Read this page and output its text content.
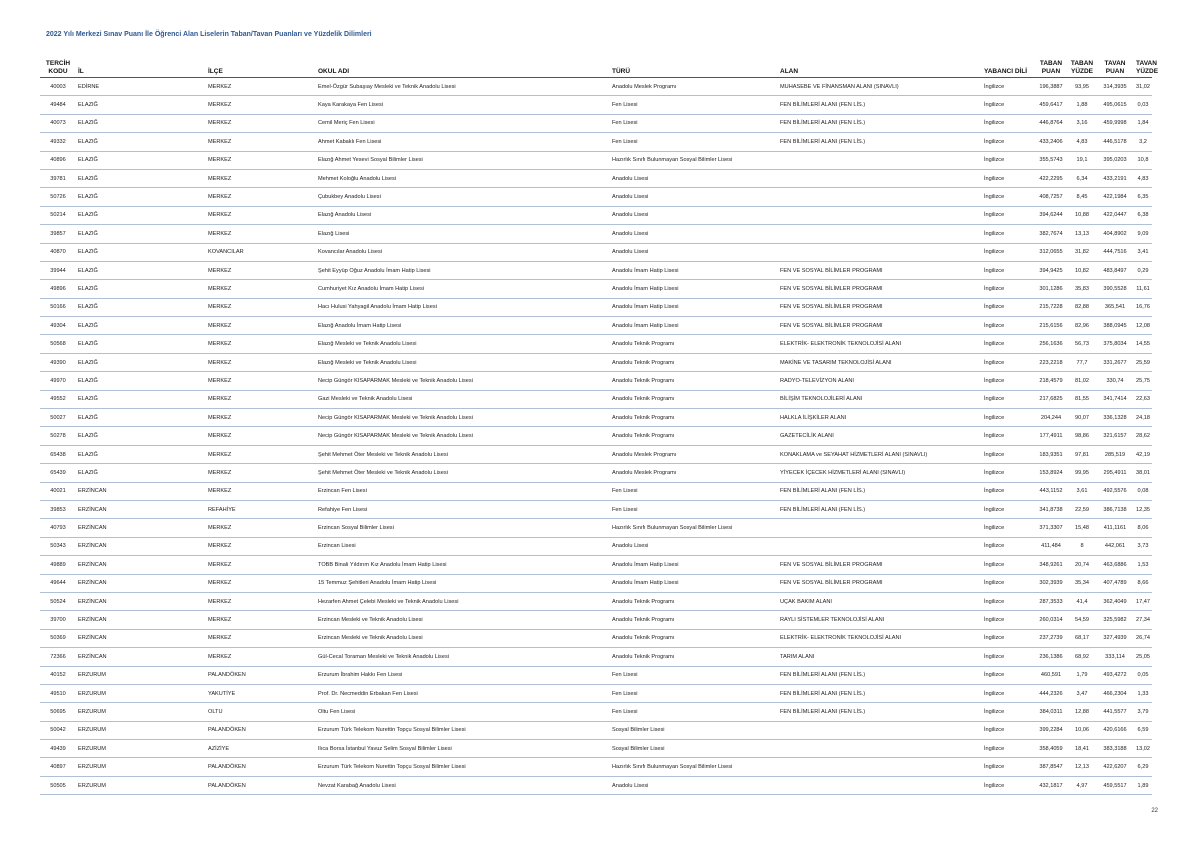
2022 Yılı Merkezi Sınav Puanı İle Öğrenci Alan Liselerin Taban/Tavan Puanları ve Yüzdelik Dilimleri
TERCİH KODU	İL	İLÇE	OKUL ADI	TÜRÜ	ALAN	YABANCI DİLİ	TABAN PUAN	TABAN YÜZDE	TAVAN PUAN	TAVAN YÜZDE
40003	EDİRNE	MERKEZ	Emel-Özgür Subaşıay Mesleki ve Teknik Anadolu Lisesi	Anadolu Meslek Programı	MUHASEBE VE FİNANSMAN ALANI (SINAVLI)	İngilizce	196,3887	93,95	314,3935	31,02
49484	ELAZIĞ	MERKEZ	Kaya Karakaya Fen Lisesi	Fen Lisesi	FEN BİLİMLERİ ALANI (FEN LİS.)	İngilizce	459,6417	1,88	495,0615	0,03
40073	ELAZIĞ	MERKEZ	Cemil Meriç Fen Lisesi	Fen Lisesi	FEN BİLİMLERİ ALANI (FEN LİS.)	İngilizce	446,8764	3,16	459,9998	1,84
49332	ELAZIĞ	MERKEZ	Ahmet Kabaklı Fen Lisesi	Fen Lisesi	FEN BİLİMLERİ ALANI (FEN LİS.)	İngilizce	433,2406	4,83	446,5178	3,2
40896	ELAZIĞ	MERKEZ	Elazığ Ahmet Yesevi Sosyal Bilimler Lisesi	Hazırlık Sınıfı Bulunmayan Sosyal Bilimler Lisesi		İngilizce	355,5743	19,1	395,0203	10,8
39781	ELAZIĞ	MERKEZ	Mehmet Koloğlu Anadolu Lisesi	Anadolu Lisesi		İngilizce	422,2295	6,34	433,2191	4,83
50726	ELAZIĞ	MERKEZ	Çubukbey Anadolu Lisesi	Anadolu Lisesi		İngilizce	408,7257	8,45	422,1984	6,35
50214	ELAZIĞ	MERKEZ	Elazığ Anadolu Lisesi	Anadolu Lisesi		İngilizce	394,6244	10,88	422,0447	6,38
39857	ELAZIĞ	MERKEZ	Elazığ Lisesi	Anadolu Lisesi		İngilizce	382,7674	13,13	404,8902	9,09
40870	ELAZIĞ	KOVANCILAR	Kovancılar Anadolu Lisesi	Anadolu Lisesi		İngilizce	312,0655	31,82	444,7516	3,41
39944	ELAZIĞ	MERKEZ	Şehit Eyyüp Oğuz Anadolu İmam Hatip Lisesi	Anadolu İmam Hatip Lisesi	FEN VE SOSYAL BİLİMLER PROGRAMI	İngilizce	394,9425	10,82	483,8497	0,29
49896	ELAZIĞ	MERKEZ	Cumhuriyet Kız Anadolu İmam Hatip Lisesi	Anadolu İmam Hatip Lisesi	FEN VE SOSYAL BİLİMLER PROGRAMI	İngilizce	301,1286	35,83	390,5528	11,61
50166	ELAZIĞ	MERKEZ	Hacı Hulusi Yahyagil Anadolu İmam Hatip Lisesi	Anadolu İmam Hatip Lisesi	FEN VE SOSYAL BİLİMLER PROGRAMI	İngilizce	215,7228	82,88	365,541	16,76
49304	ELAZIĞ	MERKEZ	Elazığ Anadolu İmam Hatip Lisesi	Anadolu İmam Hatip Lisesi	FEN VE SOSYAL BİLİMLER PROGRAMI	İngilizce	215,6156	82,96	388,0945	12,08
50568	ELAZIĞ	MERKEZ	Elazığ Mesleki ve Teknik Anadolu Lisesi	Anadolu Teknik Programı	ELEKTRİK- ELEKTRONİK TEKNOLOJİSİ ALANI	İngilizce	256,1636	56,73	375,8034	14,55
49390	ELAZIĞ	MERKEZ	Elazığ Mesleki ve Teknik Anadolu Lisesi	Anadolu Teknik Programı	MAKİNE VE TASARIM TEKNOLOJİSİ ALANI	İngilizce	223,2218	77,7	331,2677	25,59
49970	ELAZIĞ	MERKEZ	Necip Güngör KISAPARMAK Mesleki ve Teknik Anadolu Lisesi	Anadolu Teknik Programı	RADYO-TELEVİZYON ALANI	İngilizce	218,4579	81,02	330,74	25,75
49552	ELAZIĞ	MERKEZ	Gazi Mesleki ve Teknik Anadolu Lisesi	Anadolu Teknik Programı	BİLİŞİM TEKNOLOJİLERİ ALANI	İngilizce	217,6825	81,55	341,7414	22,63
50027	ELAZIĞ	MERKEZ	Necip Güngör KISAPARMAK Mesleki ve Teknik Anadolu Lisesi	Anadolu Teknik Programı	HALKLA İLİŞKİLER ALANI	İngilizce	204,244	90,07	336,1328	24,18
50278	ELAZIĞ	MERKEZ	Necip Güngör KISAPARMAK Mesleki ve Teknik Anadolu Lisesi	Anadolu Teknik Programı	GAZETECİLİK ALANI	İngilizce	177,4911	98,86	321,6157	28,62
65438	ELAZIĞ	MERKEZ	Şehit Mehmet Öter Mesleki ve Teknik Anadolu Lisesi	Anadolu Meslek Programı	KONAKLAMA ve SEYAHAT HİZMETLERİ ALANI (SINAVLI)	İngilizce	183,9351	97,81	285,519	42,19
65439	ELAZIĞ	MERKEZ	Şehit Mehmet Öter Mesleki ve Teknik Anadolu Lisesi	Anadolu Meslek Programı	YİYECEK İÇECEK HİZMETLERİ ALANI (SINAVLI)	İngilizce	153,8924	99,95	295,4911	38,01
40021	ERZİNCAN	MERKEZ	Erzincan Fen Lisesi	Fen Lisesi	FEN BİLİMLERİ ALANI (FEN LİS.)	İngilizce	443,1152	3,61	492,5576	0,08
39853	ERZİNCAN	REFAHİYE	Refahiye Fen Lisesi	Fen Lisesi	FEN BİLİMLERİ ALANI (FEN LİS.)	İngilizce	341,8738	22,59	386,7138	12,35
40793	ERZİNCAN	MERKEZ	Erzincan Sosyal Bilimler Lisesi	Hazırlık Sınıfı Bulunmayan Sosyal Bilimler Lisesi		İngilizce	371,3307	15,48	411,1161	8,06
50343	ERZİNCAN	MERKEZ	Erzincan Lisesi	Anadolu Lisesi		İngilizce	411,484	8	442,061	3,73
49889	ERZİNCAN	MERKEZ	TOBB Binali Yıldırım Kız Anadolu İmam Hatip Lisesi	Anadolu İmam Hatip Lisesi	FEN VE SOSYAL BİLİMLER PROGRAMI	İngilizce	348,9261	20,74	463,6886	1,53
49644	ERZİNCAN	MERKEZ	15 Temmuz Şehitleri Anadolu İmam Hatip Lisesi	Anadolu İmam Hatip Lisesi	FEN VE SOSYAL BİLİMLER PROGRAMI	İngilizce	302,3939	35,34	407,4789	8,66
50524	ERZİNCAN	MERKEZ	Hezarfen Ahmet Çelebi Mesleki ve Teknik Anadolu Lisesi	Anadolu Teknik Programı	UÇAK BAKIM ALANI	İngilizce	287,3533	41,4	362,4049	17,47
39700	ERZİNCAN	MERKEZ	Erzincan Mesleki ve Teknik Anadolu Lisesi	Anadolu Teknik Programı	RAYLI SİSTEMLER TEKNOLOJİSİ ALANI	İngilizce	260,0314	54,59	325,5982	27,34
50369	ERZİNCAN	MERKEZ	Erzincan Mesleki ve Teknik Anadolu Lisesi	Anadolu Teknik Programı	ELEKTRİK- ELEKTRONİK TEKNOLOJİSİ ALANI	İngilizce	237,2739	68,17	327,4939	26,74
72366	ERZİNCAN	MERKEZ	Gül-Cecal Toraman Mesleki ve Teknik Anadolu Lisesi	Anadolu Teknik Programı	TARIM ALANI	İngilizce	236,1386	68,92	333,114	25,05
40152	ERZURUM	PALANDÖKEN	Erzurum İbrahim Hakkı Fen Lisesi	Fen Lisesi	FEN BİLİMLERİ ALANI (FEN LİS.)	İngilizce	460,591	1,79	493,4272	0,05
49510	ERZURUM	YAKUTİYE	Prof. Dr. Necmeddin Erbakan Fen Lisesi	Fen Lisesi	FEN BİLİMLERİ ALANI (FEN LİS.)	İngilizce	444,2326	3,47	466,2304	1,33
50695	ERZURUM	OLTU	Oltu Fen Lisesi	Fen Lisesi	FEN BİLİMLERİ ALANI (FEN LİS.)	İngilizce	384,0311	12,88	441,5577	3,79
50042	ERZURUM	PALANDÖKEN	Erzurum Türk Telekom Nurettin Topçu Sosyal Bilimler Lisesi	Sosyal Bilimler Lisesi		İngilizce	399,2284	10,06	420,6166	6,59
49439	ERZURUM	AZİZİYE	Ilıca Borsa İstanbul Yavuz Selim Sosyal Bilimler Lisesi	Sosyal Bilimler Lisesi		İngilizce	358,4059	18,41	383,3188	13,02
40897	ERZURUM	PALANDÖKEN	Erzurum Türk Telekom Nurettin Topçu Sosyal Bilimler Lisesi	Hazırlık Sınıfı Bulunmayan Sosyal Bilimler Lisesi		İngilizce	387,8547	12,13	422,6207	6,29
50505	ERZURUM	PALANDÖKEN	Nevzat Karabağ Anadolu Lisesi	Anadolu Lisesi		İngilizce	432,1817	4,97	459,5517	1,89
22
